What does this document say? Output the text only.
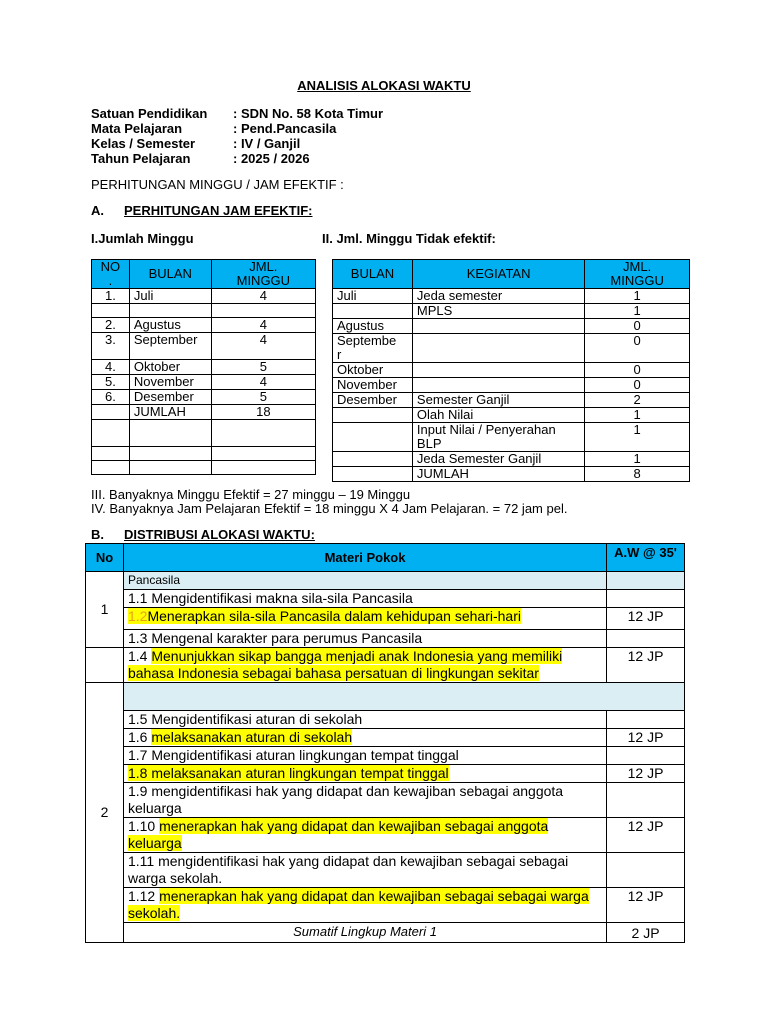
ANALISIS ALOKASI WAKTU
Satuan Pendidikan	: SDN No. 58 Kota Timur
Mata Pelajaran	: Pend.Pancasila
Kelas / Semester	: IV / Ganjil
Tahun Pelajaran	: 2025 / 2026
PERHITUNGAN MINGGU / JAM EFEKTIF :
A. PERHITUNGAN JAM EFEKTIF:
I.Jumlah Minggu	II. Jml. Minggu Tidak efektif:
NO
.	BULAN	JML.
MINGGU
1.	Juli	4

2.	Agustus	4
3.	September	4
4.	Oktober	5
5.	November	4
6.	Desember	5
	JUMLAH	18

BULAN	KEGIATAN	JML.
MINGGU
Juli	Jeda semester	1
	MPLS	1
Agustus		0
Septembe
r		0
Oktober		0
November		0
Desember	Semester Ganjil	2
	Olah Nilai	1
	Input Nilai / Penyerahan
BLP	1
	Jeda Semester Ganjil	1
	JUMLAH	8
III. Banyaknya Minggu Efektif = 27 minggu – 19 Minggu
IV. Banyaknya Jam Pelajaran Efektif = 18 minggu X 4 Jam Pelajaran. = 72 jam pel.
B. DISTRIBUSI ALOKASI WAKTU:
No	Materi Pokok	A.W @ 35'
1	Pancasila	
	1.1 Mengidentifikasi makna sila-sila Pancasila	
	1.2Menerapkan sila-sila Pancasila dalam kehidupan sehari-hari	12 JP
	1.3 Mengenal karakter para perumus Pancasila	
	1.4 Menunjukkan sikap bangga menjadi anak Indonesia yang memiliki bahasa Indonesia sebagai bahasa persatuan di lingkungan sekitar	12 JP
2		
	1.5 Mengidentifikasi aturan di sekolah	
	1.6 melaksanakan aturan di sekolah	12 JP
	1.7 Mengidentifikasi aturan lingkungan tempat tinggal	
	1.8 melaksanakan aturan lingkungan tempat tinggal	12 JP
	1.9 mengidentifikasi hak yang didapat dan kewajiban sebagai anggota keluarga	
	1.10 menerapkan hak yang didapat dan kewajiban sebagai anggota keluarga	12 JP
	1.11 mengidentifikasi hak yang didapat dan kewajiban sebagai sebagai warga sekolah.	
	1.12 menerapkan hak yang didapat dan kewajiban sebagai sebagai warga sekolah.	12 JP
	Sumatif Lingkup Materi 1	2 JP
